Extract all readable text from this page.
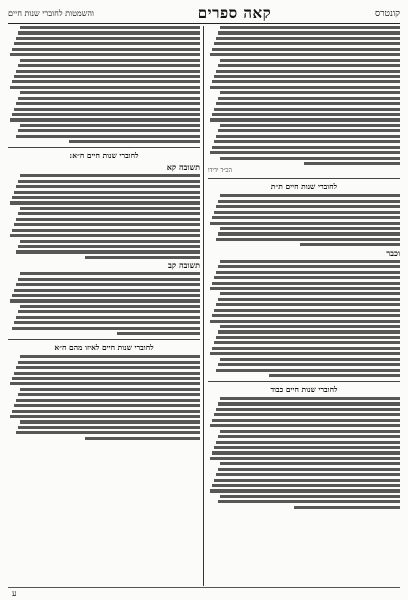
קונטרס
קאה ספרים
והשמטות לחוברי שנות חיים
הכ״ד ידידו
לחוברי שנות חיים ת״ת
וכבר
לחוברי שנות חיים כבוד
לחוברי שנות חיים ח״א:
תשובה קא
תשובה קב
לחוברי שנות חיים לאיזו מהם ח״א
ע
